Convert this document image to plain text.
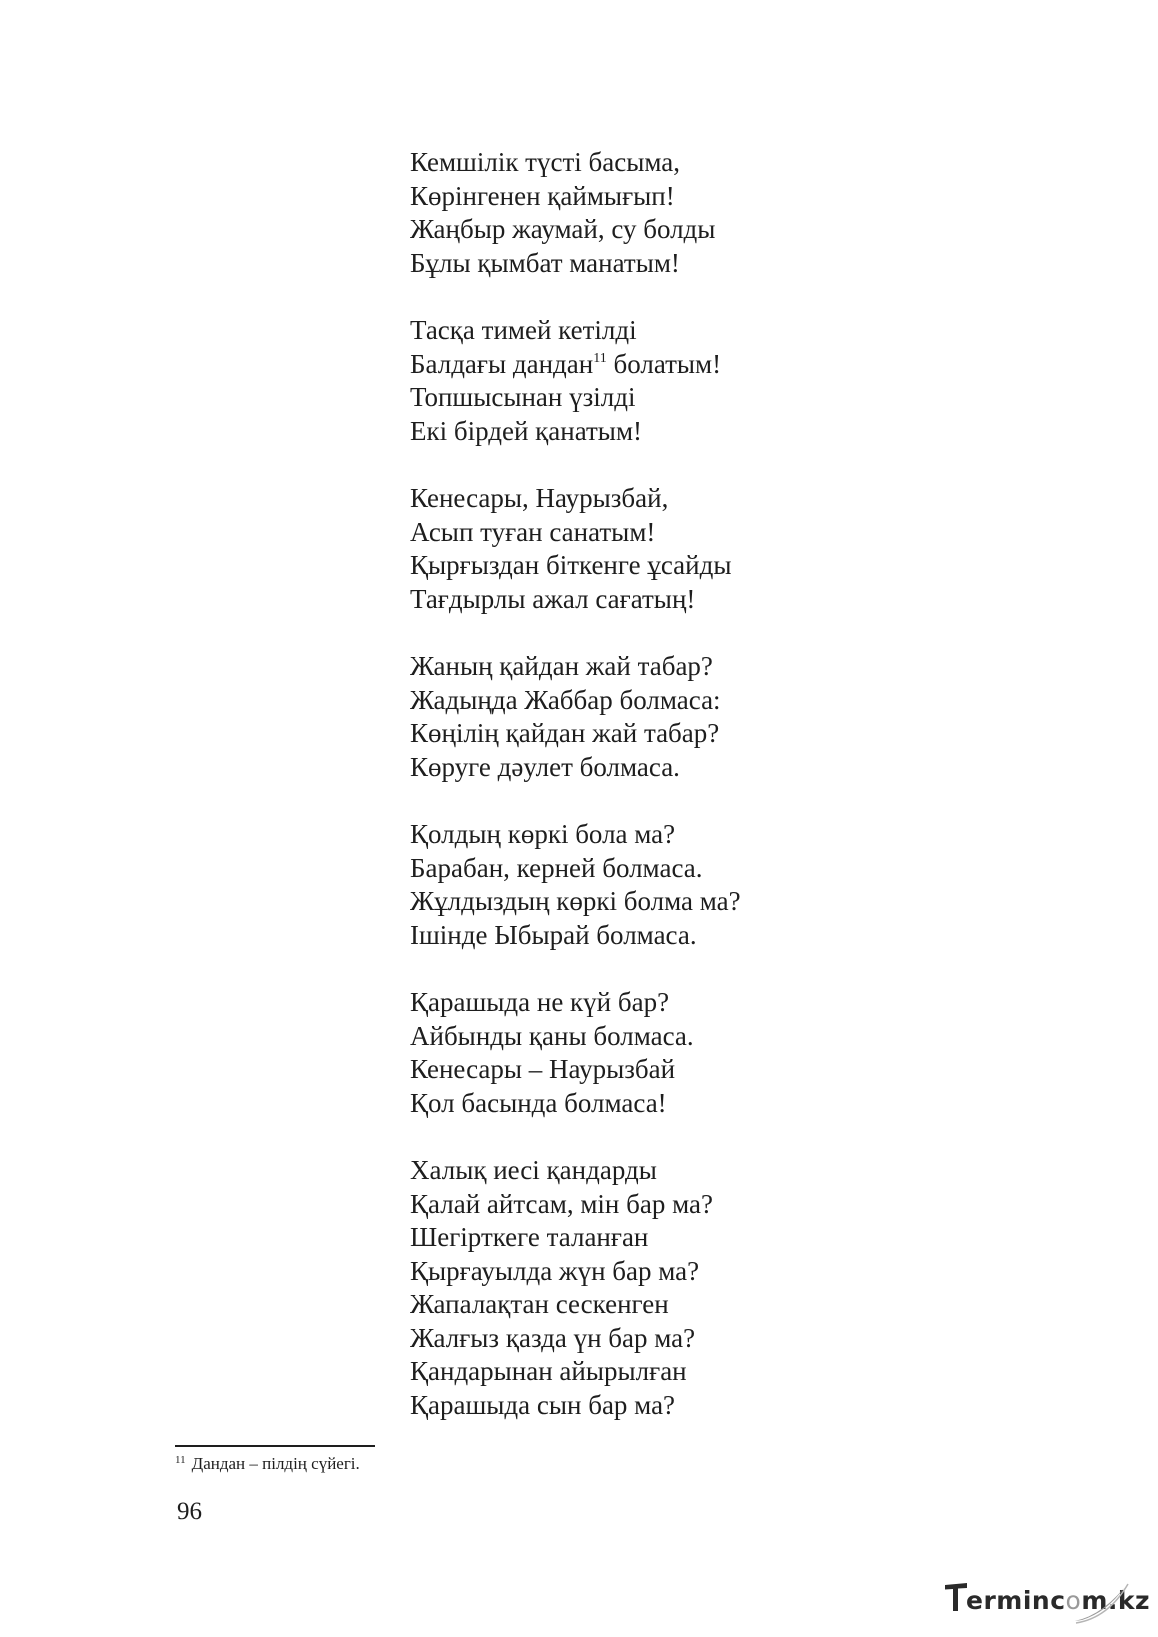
Кемшілік түсті басыма,
Көрінгенен қаймығып!
Жаңбыр жаумай, су болды
Бұлы қымбат манатым!
Тасқа тимей кетілді
Балдағы дандан$^{11}$ болатым!
Топшысынан үзілді
Екі бірдей қанатым!
Кенесары, Наурызбай,
Асып туған санатым!
Қырғыздан біткенге ұсайды
Тағдырлы ажал сағатың!
Жаның қайдан жай табар?
Жадыңда Жаббар болмаса:
Көңілің қайдан жай табар?
Көруге дәулет болмаса.
Қолдың көркі бола ма?
Барабан, керней болмаса.
Жұлдыздың көркі болма ма?
Ішінде Ыбырай болмаса.
Қарашыда не күй бар?
Айбынды қаны болмаса.
Кенесары – Наурызбай
Қол басында болмаса!
Халық иесі қандарды
Қалай айтсам, мін бар ма?
Шегірткеге таланған
Қырғауылда жүн бар ма?
Жапалақтан сескенген
Жалғыз қазда үн бар ма?
Қандарынан айырылған
Қарашыда сын бар ма?
$^{11}$ Дандан – пілдің сүйегі.
96
ermincom.kz
